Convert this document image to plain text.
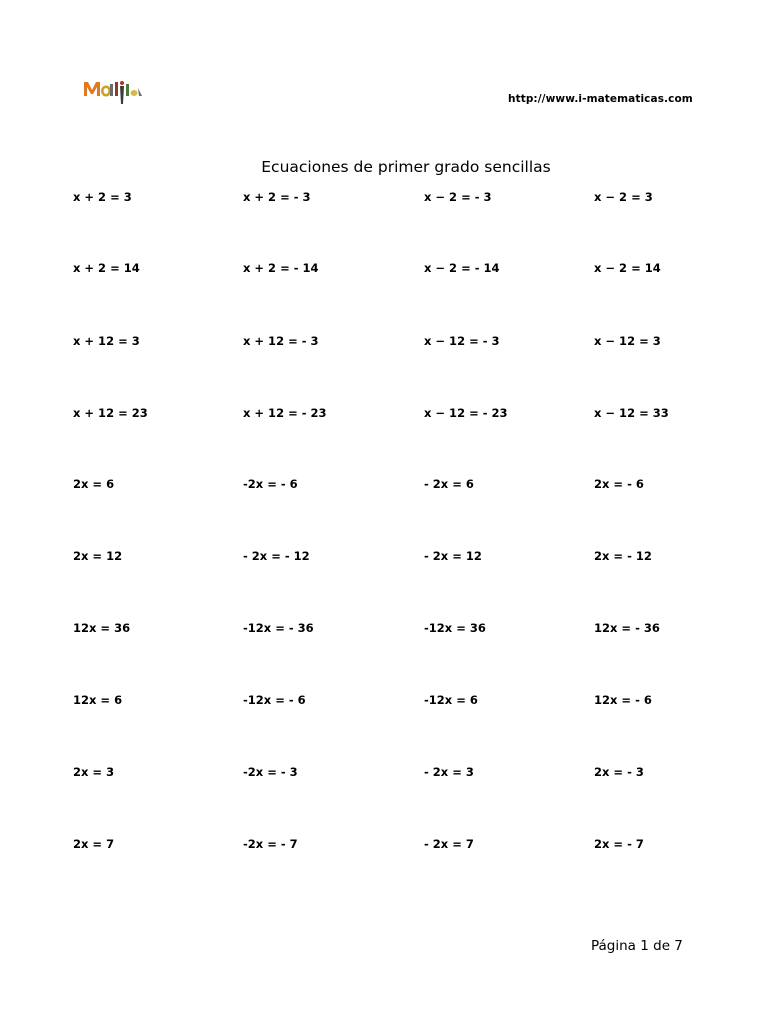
http://www.i-matematicas.com
Ecuaciones de primer grado sencillas
x + 2 = 3	x + 2 = - 3	x − 2 = - 3	x − 2 = 3
x + 2 = 14	x + 2 = - 14	x − 2 = - 14	x − 2 = 14
x + 12 = 3	x + 12 = - 3	x − 12 = - 3	x − 12 = 3
x + 12 = 23	x + 12 = - 23	x − 12 = - 23	x − 12 = 33
2x = 6	-2x = - 6	- 2x = 6	2x = - 6
2x = 12	- 2x = - 12	- 2x = 12	2x = - 12
12x = 36	-12x = - 36	-12x = 36	12x = - 36
12x = 6	-12x = - 6	-12x = 6	12x = - 6
2x = 3	-2x = - 3	- 2x = 3	2x = - 3
2x = 7	-2x = - 7	- 2x = 7	2x = - 7
Página 1 de 7
